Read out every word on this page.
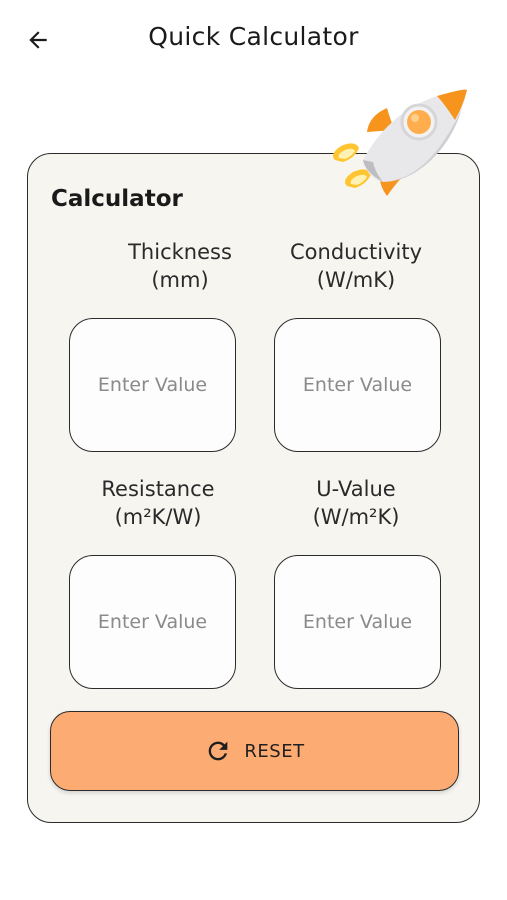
Quick Calculator
Calculator
Thickness
(mm)
Conductivity
(W/mK)
Enter Value
Enter Value
Resistance
(m²K/W)
U-Value
(W/m²K)
Enter Value
Enter Value
RESET
